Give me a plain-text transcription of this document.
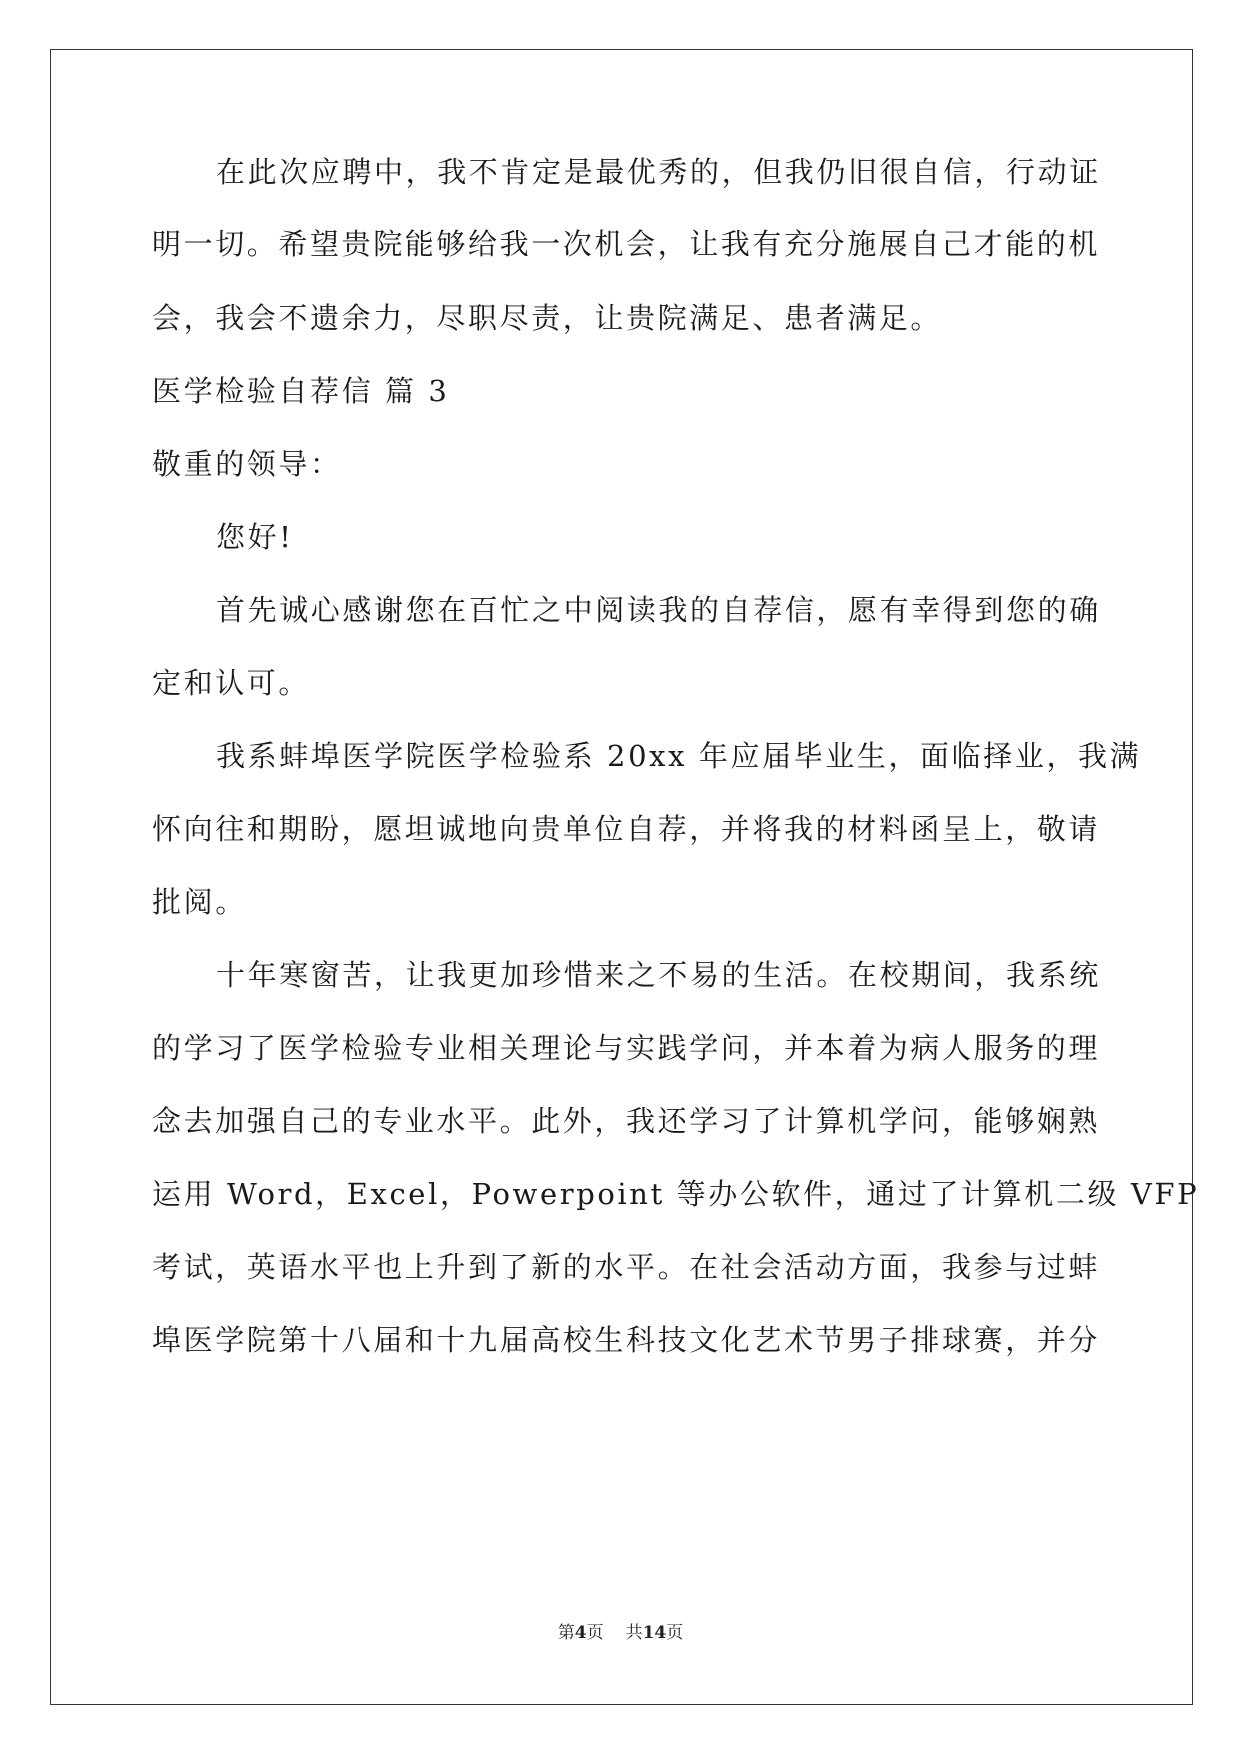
在此次应聘中，我不肯定是最优秀的，但我仍旧很自信，行动证
明一切。希望贵院能够给我一次机会，让我有充分施展自己才能的机
会，我会不遗余力，尽职尽责，让贵院满足、患者满足。
医学检验自荐信 篇 3
敬重的领导：
您好!
首先诚心感谢您在百忙之中阅读我的自荐信，愿有幸得到您的确
定和认可。
我系蚌埠医学院医学检验系 20xx 年应届毕业生，面临择业，我满
怀向往和期盼，愿坦诚地向贵单位自荐，并将我的材料函呈上，敬请
批阅。
十年寒窗苦，让我更加珍惜来之不易的生活。在校期间，我系统
的学习了医学检验专业相关理论与实践学问，并本着为病人服务的理
念去加强自己的专业水平。此外，我还学习了计算机学问，能够娴熟
运用 Word，Excel，Powerpoint 等办公软件，通过了计算机二级 VFP
考试，英语水平也上升到了新的水平。在社会活动方面，我参与过蚌
埠医学院第十八届和十九届高校生科技文化艺术节男子排球赛，并分
第4页 共14页
